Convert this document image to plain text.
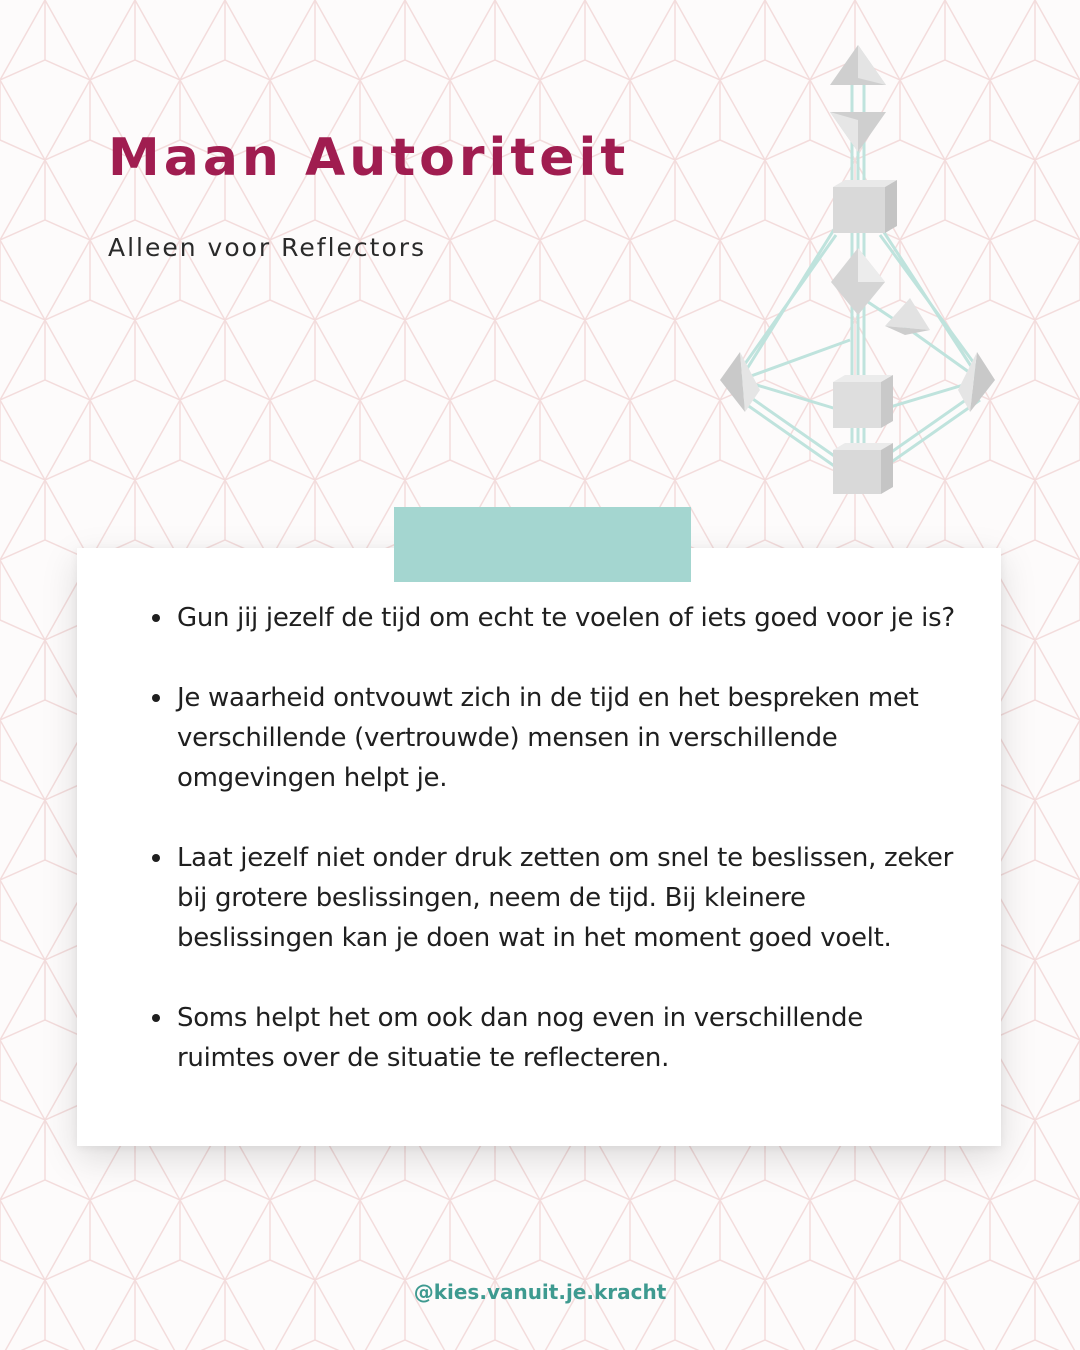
Maan Autoriteit

Alleen voor Reflectors

Gun jij jezelf de tijd om echt te voelen of iets goed voor je is?
Je waarheid ontvouwt zich in de tijd en het bespreken met verschillende (vertrouwde) mensen in verschillende omgevingen helpt je.
Laat jezelf niet onder druk zetten om snel te beslissen, zeker bij grotere beslissingen, neem de tijd. Bij kleinere beslissingen kan je doen wat in het moment goed voelt.
Soms helpt het om ook dan nog even in verschillende ruimtes over de situatie te reflecteren.

@kies.vanuit.je.kracht
